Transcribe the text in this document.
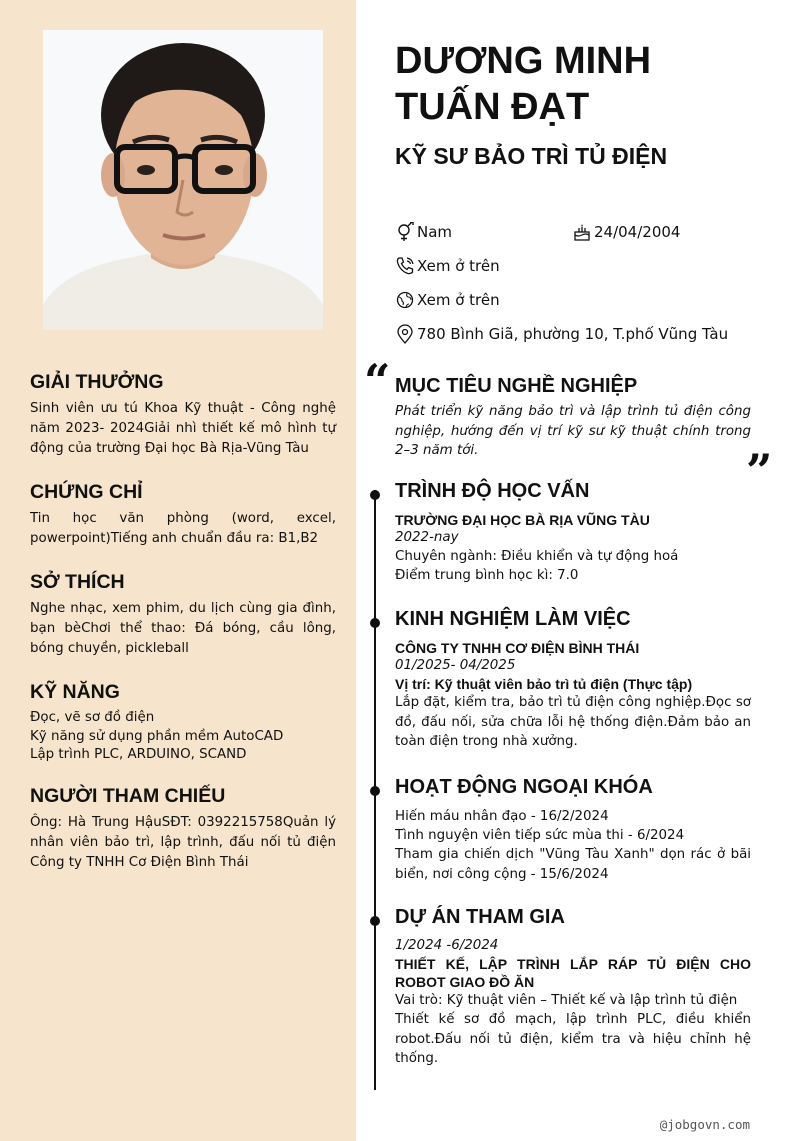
GIẢI THƯỞNG

Sinh viên ưu tú Khoa Kỹ thuật - Công nghệ năm 2023- 2024Giải nhì thiết kế mô hình tự động của trường Đại học Bà Rịa-Vũng Tàu

CHỨNG CHỈ

Tin học văn phòng (word, excel, powerpoint)Tiếng anh chuẩn đầu ra: B1,B2

SỞ THÍCH

Nghe nhạc, xem phim, du lịch cùng gia đình, bạn bèChơi thể thao: Đá bóng, cầu lông, bóng chuyền, pickleball

KỸ NĂNG
Đọc, vẽ sơ đồ điện
Kỹ năng sử dụng phần mềm AutoCAD
Lập trình PLC, ARDUINO, SCAND
NGƯỜI THAM CHIẾU

Ông: Hà Trung HậuSĐT: 0392215758Quản lý nhân viên bảo trì, lập trình, đấu nối tủ điện Công ty TNHH Cơ Điện Bình Thái

DƯƠNG MINH TUẤN ĐẠT
KỸ SƯ BẢO TRÌ TỦ ĐIỆN
Nam	24/04/2004
Xem ở trên
Xem ở trên
780 Bình Giã, phường 10, T.phố Vũng Tàu
“
”
MỤC TIÊU NGHỀ NGHIỆP

Phát triển kỹ năng bảo trì và lập trình tủ điện công nghiệp, hướng đến vị trí kỹ sư kỹ thuật chính trong 2–3 năm tới.

TRÌNH ĐỘ HỌC VẤN
TRƯỜNG ĐẠI HỌC BÀ RỊA VŨNG TÀU
2022-nay
Chuyên ngành: Điều khiển và tự động hoá
Điểm trung bình học kì: 7.0
KINH NGHIỆM LÀM VIỆC
CÔNG TY TNHH CƠ ĐIỆN BÌNH THÁI
01/2025- 04/2025
Vị trí: Kỹ thuật viên bảo trì tủ điện (Thực tập)

Lắp đặt, kiểm tra, bảo trì tủ điện công nghiệp.Đọc sơ đồ, đấu nối, sửa chữa lỗi hệ thống điện.Đảm bảo an toàn điện trong nhà xưởng.

HOẠT ĐỘNG NGOẠI KHÓA
Hiến máu nhân đạo - 16/2/2024
Tình nguyện viên tiếp sức mùa thi - 6/2024

Tham gia chiến dịch "Vũng Tàu Xanh" dọn rác ở bãi biển, nơi công cộng - 15/6/2024

DỰ ÁN THAM GIA
1/2024 -6/2024
THIẾT KẾ, LẬP TRÌNH LẮP RÁP TỦ ĐIỆN CHO ROBOT GIAO ĐỒ ĂN
Vai trò: Kỹ thuật viên – Thiết kế và lập trình tủ điện

Thiết kế sơ đồ mạch, lập trình PLC, điều khiển robot.Đấu nối tủ điện, kiểm tra và hiệu chỉnh hệ thống.

@jobgovn.com
